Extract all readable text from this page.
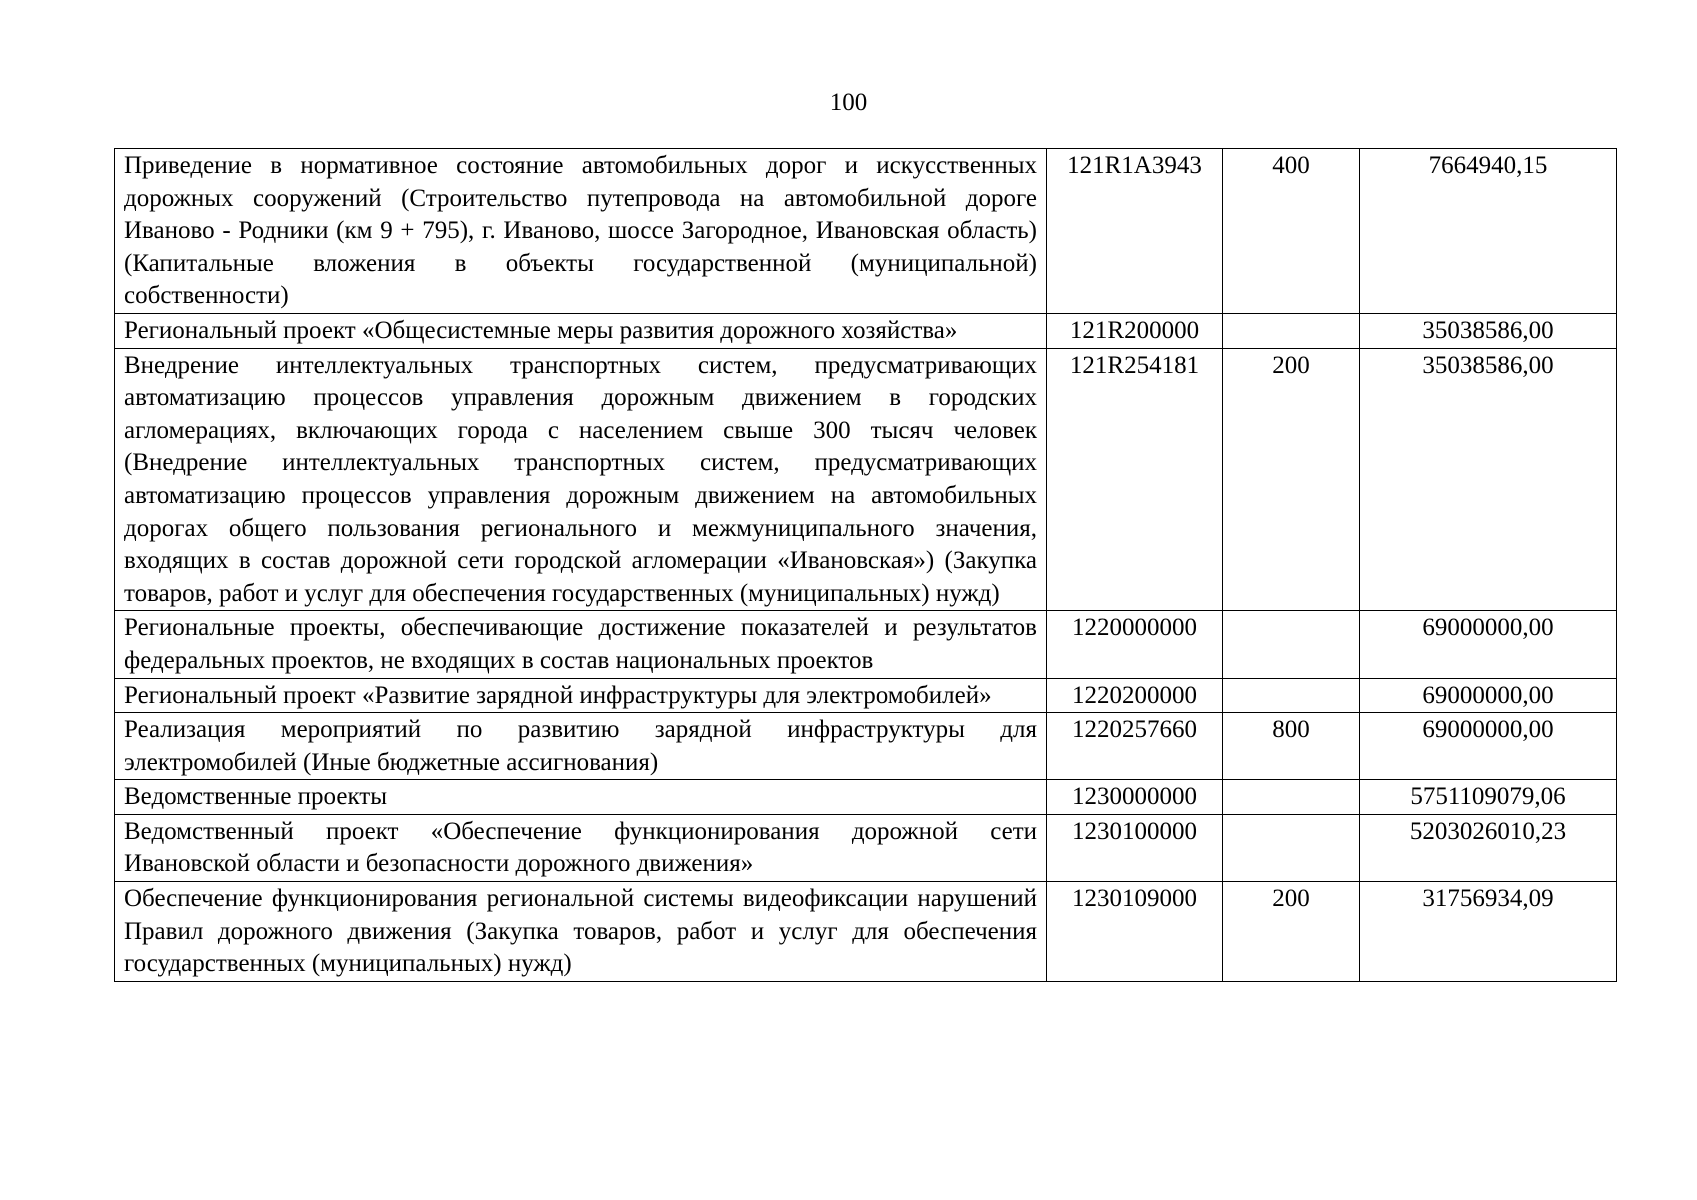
100
Приведение в нормативное состояние автомобильных дорог и искусственных дорожных сооружений (Строительство путепровода на автомобильной дороге Иваново - Родники (км 9 + 795), г. Иваново, шоссе Загородное, Ивановская область) (Капитальные вложения в объекты государственной (муниципальной) собственности)	121R1A3943	400	7664940,15
Региональный проект «Общесистемные меры развития дорожного хозяйства»	121R200000		35038586,00
Внедрение интеллектуальных транспортных систем, предусматривающих автоматизацию процессов управления дорожным движением в городских агломерациях, включающих города с населением свыше 300 тысяч человек (Внедрение интеллектуальных транспортных систем, предусматривающих автоматизацию процессов управления дорожным движением на автомобильных дорогах общего пользования регионального и межмуниципального значения, входящих в состав дорожной сети городской агломерации «Ивановская») (Закупка товаров, работ и услуг для обеспечения государственных (муниципальных) нужд)	121R254181	200	35038586,00
Региональные проекты, обеспечивающие достижение показателей и результатов федеральных проектов, не входящих в состав национальных проектов	1220000000		69000000,00
Региональный проект «Развитие зарядной инфраструктуры для электромобилей»	1220200000		69000000,00
Реализация мероприятий по развитию зарядной инфраструктуры для электромобилей (Иные бюджетные ассигнования)	1220257660	800	69000000,00
Ведомственные проекты	1230000000		5751109079,06
Ведомственный проект «Обеспечение функционирования дорожной сети Ивановской области и безопасности дорожного движения»	1230100000		5203026010,23
Обеспечение функционирования региональной системы видеофиксации нарушений Правил дорожного движения (Закупка товаров, работ и услуг для обеспечения государственных (муниципальных) нужд)	1230109000	200	31756934,09
